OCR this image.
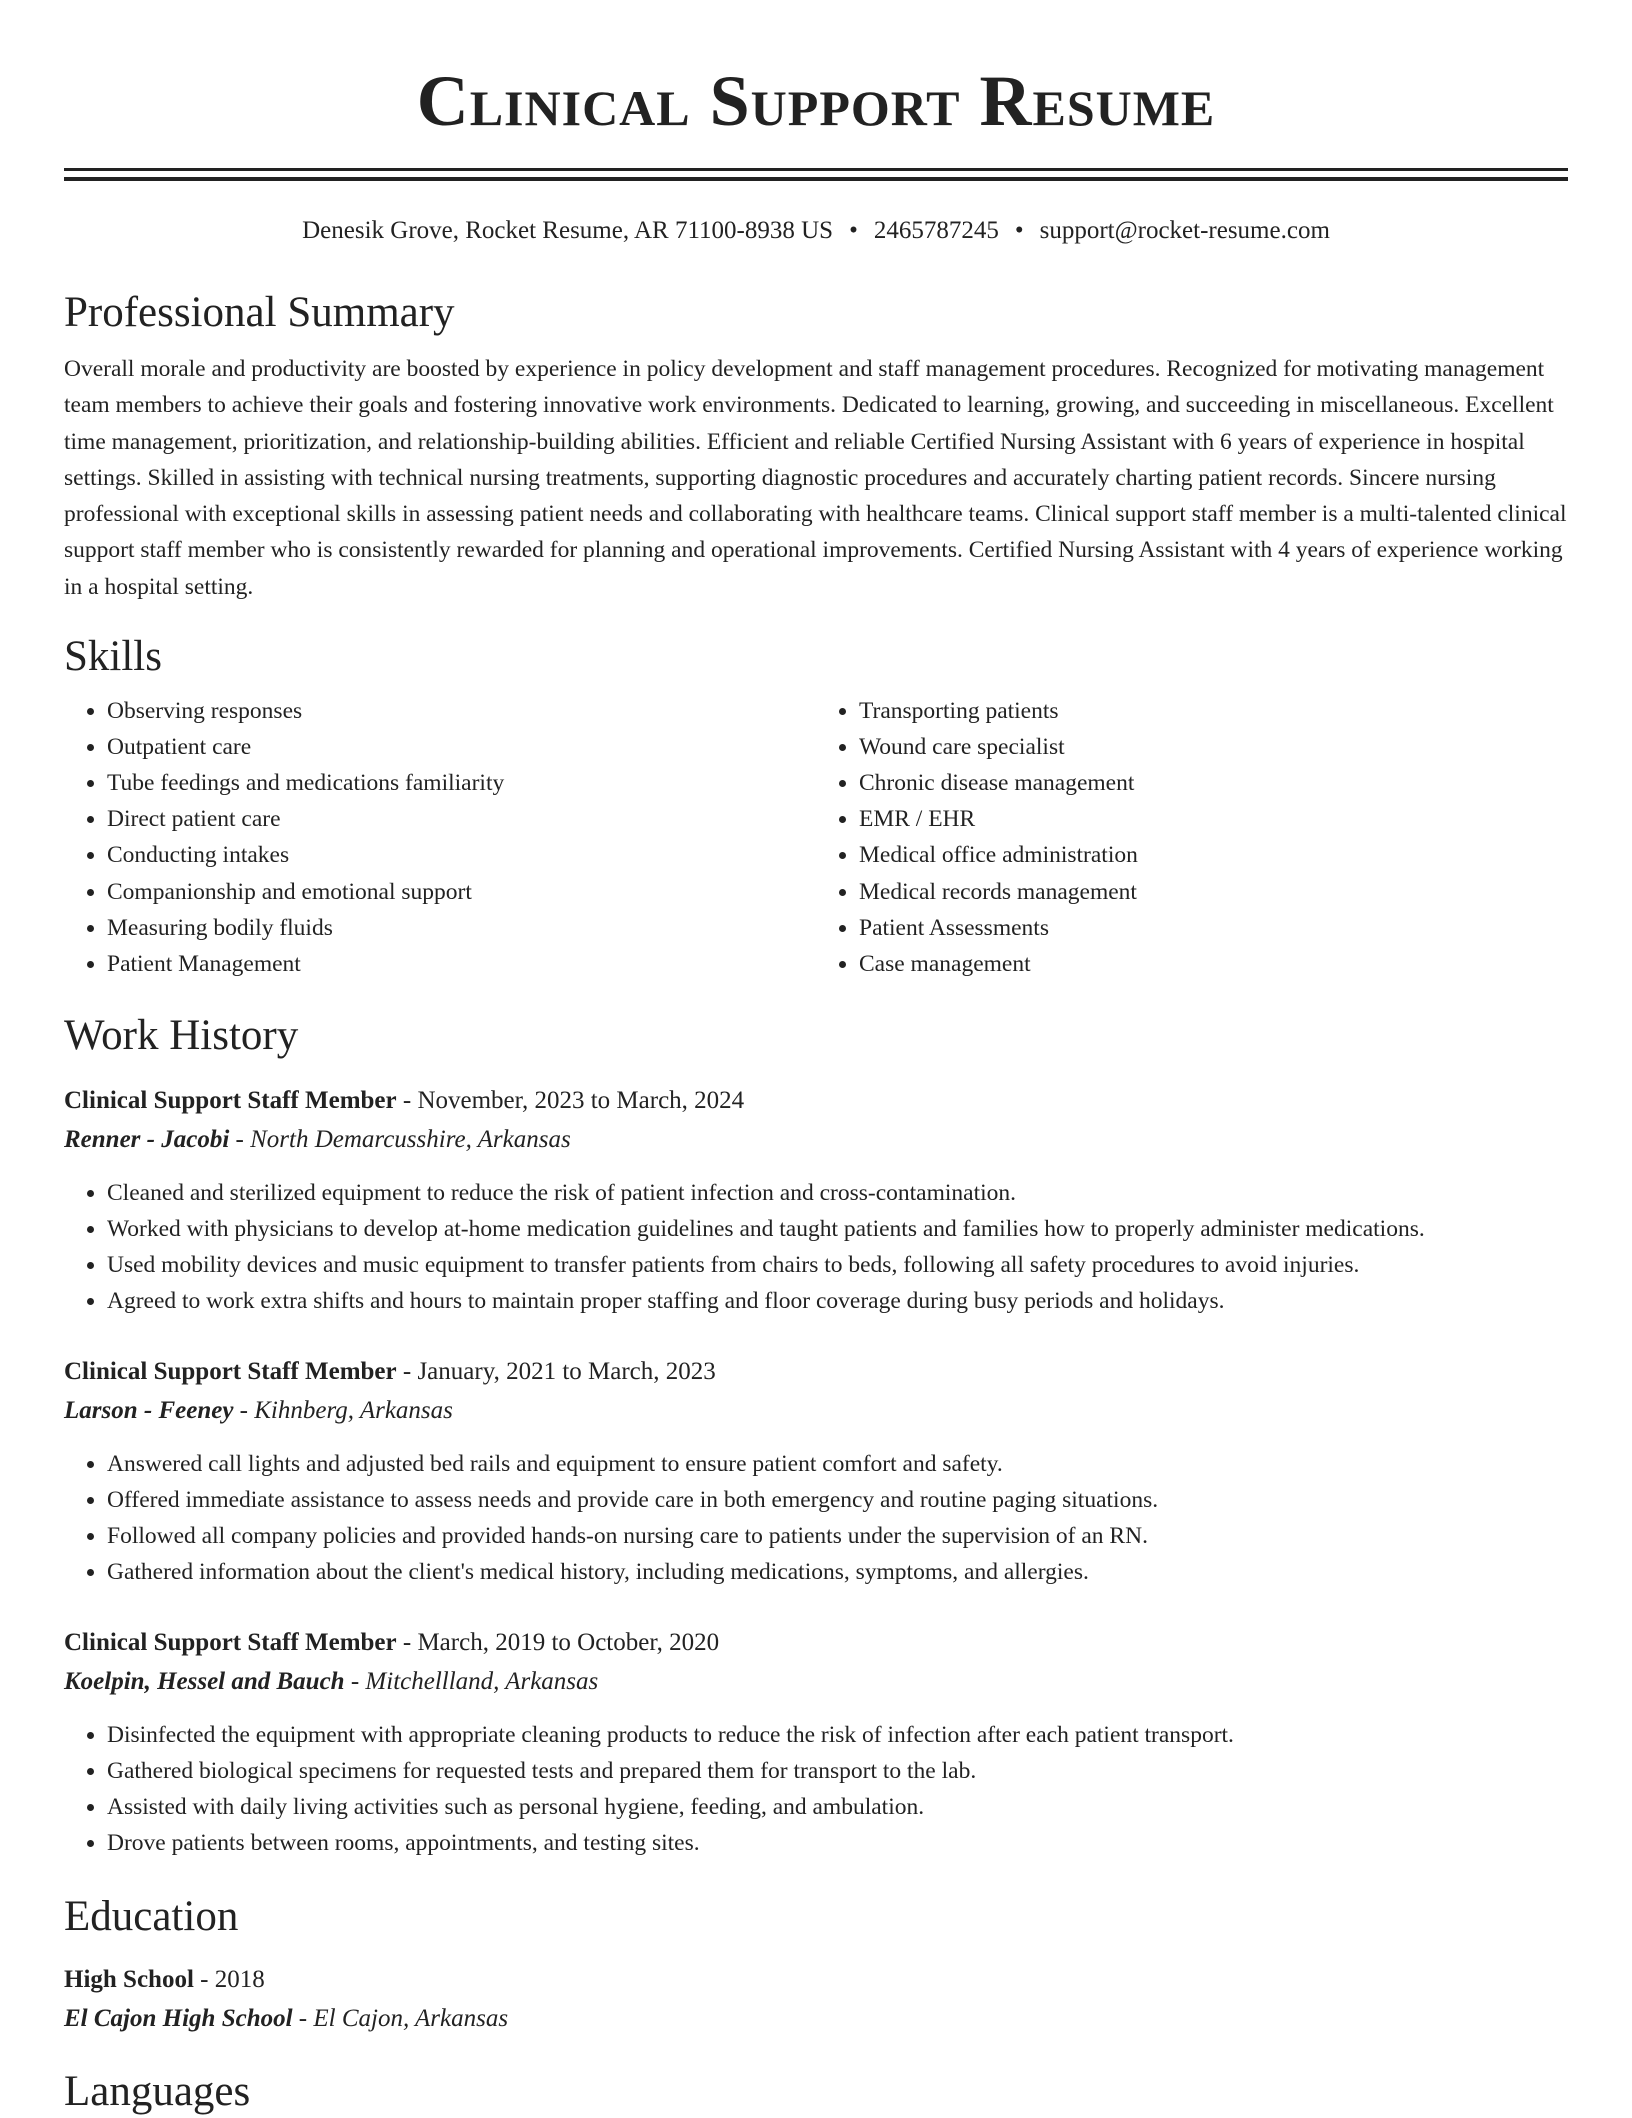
Clinical Support Resume
Denesik Grove, Rocket Resume, AR 71100-8938 US • 2465787245 • support@rocket-resume.com
Professional Summary
Overall morale and productivity are boosted by experience in policy development and staff management procedures. Recognized for motivating management team members to achieve their goals and fostering innovative work environments. Dedicated to learning, growing, and succeeding in miscellaneous. Excellent time management, prioritization, and relationship-building abilities. Efficient and reliable Certified Nursing Assistant with 6 years of experience in hospital settings. Skilled in assisting with technical nursing treatments, supporting diagnostic procedures and accurately charting patient records. Sincere nursing professional with exceptional skills in assessing patient needs and collaborating with healthcare teams. Clinical support staff member is a multi-talented clinical support staff member who is consistently rewarded for planning and operational improvements. Certified Nursing Assistant with 4 years of experience working in a hospital setting.
Skills
• Observing responses
• Outpatient care
• Tube feedings and medications familiarity
• Direct patient care
• Conducting intakes
• Companionship and emotional support
• Measuring bodily fluids
• Patient Management
• Transporting patients
• Wound care specialist
• Chronic disease management
• EMR / EHR
• Medical office administration
• Medical records management
• Patient Assessments
• Case management
Work History
Clinical Support Staff Member - November, 2023 to March, 2024
Renner - Jacobi - North Demarcusshire, Arkansas
• Cleaned and sterilized equipment to reduce the risk of patient infection and cross-contamination.
• Worked with physicians to develop at-home medication guidelines and taught patients and families how to properly administer medications.
• Used mobility devices and music equipment to transfer patients from chairs to beds, following all safety procedures to avoid injuries.
• Agreed to work extra shifts and hours to maintain proper staffing and floor coverage during busy periods and holidays.
Clinical Support Staff Member - January, 2021 to March, 2023
Larson - Feeney - Kihnberg, Arkansas
• Answered call lights and adjusted bed rails and equipment to ensure patient comfort and safety.
• Offered immediate assistance to assess needs and provide care in both emergency and routine paging situations.
• Followed all company policies and provided hands-on nursing care to patients under the supervision of an RN.
• Gathered information about the client's medical history, including medications, symptoms, and allergies.
Clinical Support Staff Member - March, 2019 to October, 2020
Koelpin, Hessel and Bauch - Mitchellland, Arkansas
• Disinfected the equipment with appropriate cleaning products to reduce the risk of infection after each patient transport.
• Gathered biological specimens for requested tests and prepared them for transport to the lab.
• Assisted with daily living activities such as personal hygiene, feeding, and ambulation.
• Drove patients between rooms, appointments, and testing sites.
Education
High School - 2018
El Cajon High School - El Cajon, Arkansas
Languages
